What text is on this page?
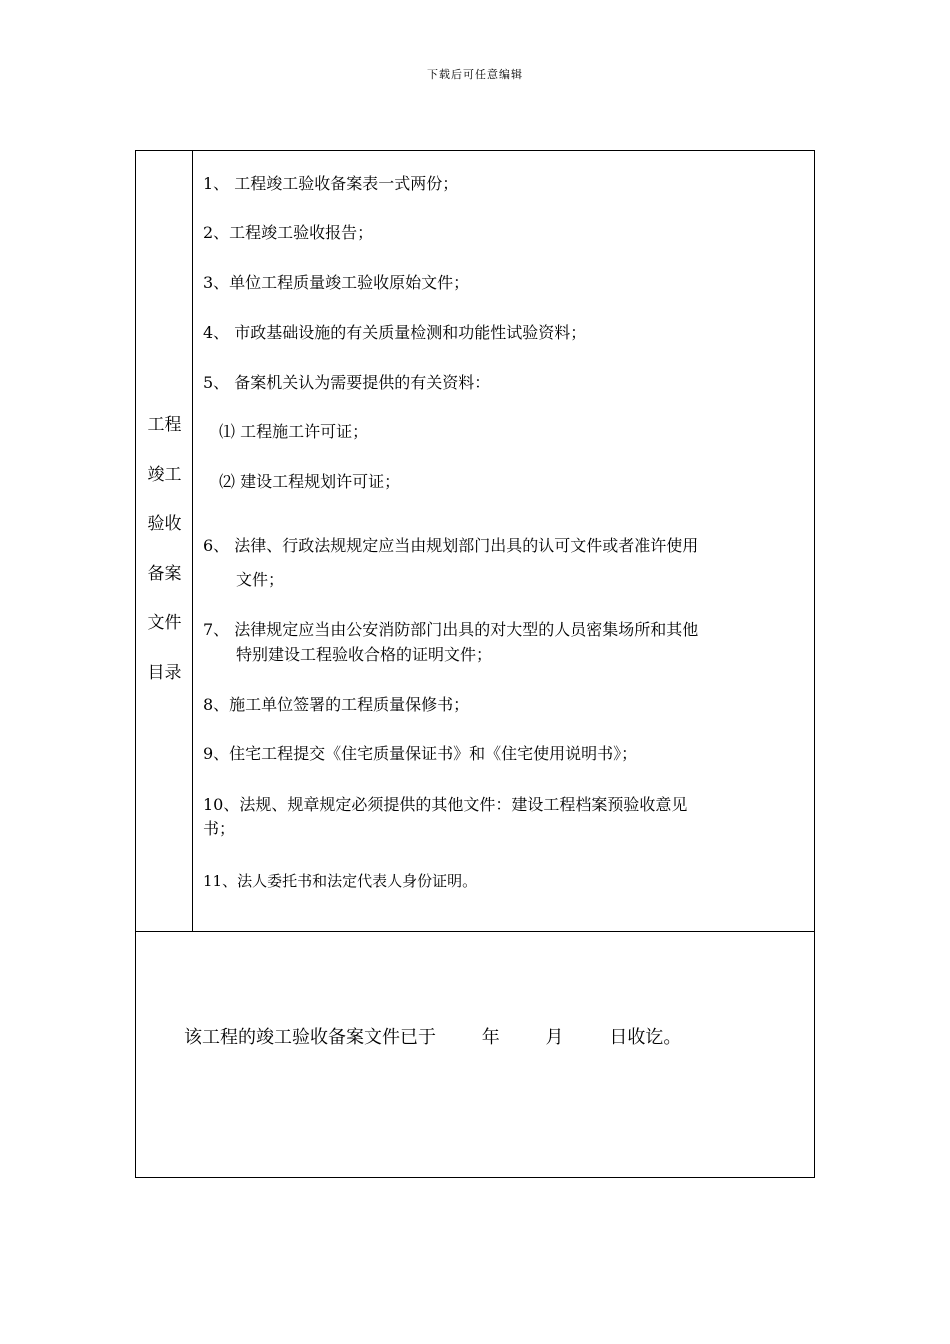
下载后可任意编辑
工程
竣工
验收
备案
文件
目录
1、 工程竣工验收备案表一式两份；
2、工程竣工验收报告；
3、单位工程质量竣工验收原始文件；
4、 市政基础设施的有关质量检测和功能性试验资料；
5、 备案机关认为需要提供的有关资料：
⑴ 工程施工许可证；
⑵ 建设工程规划许可证；
6、 法律、行政法规规定应当由规划部门出具的认可文件或者准许使用
文件；
7、 法律规定应当由公安消防部门出具的对大型的人员密集场所和其他
特别建设工程验收合格的证明文件；
8、施工单位签署的工程质量保修书；
9、住宅工程提交《住宅质量保证书》和《住宅使用说明书》；
10、法规、规章规定必须提供的其他文件：建设工程档案预验收意见
书；
11、法人委托书和法定代表人身份证明。
该工程的竣工验收备案文件已于        年        月        日收讫。
